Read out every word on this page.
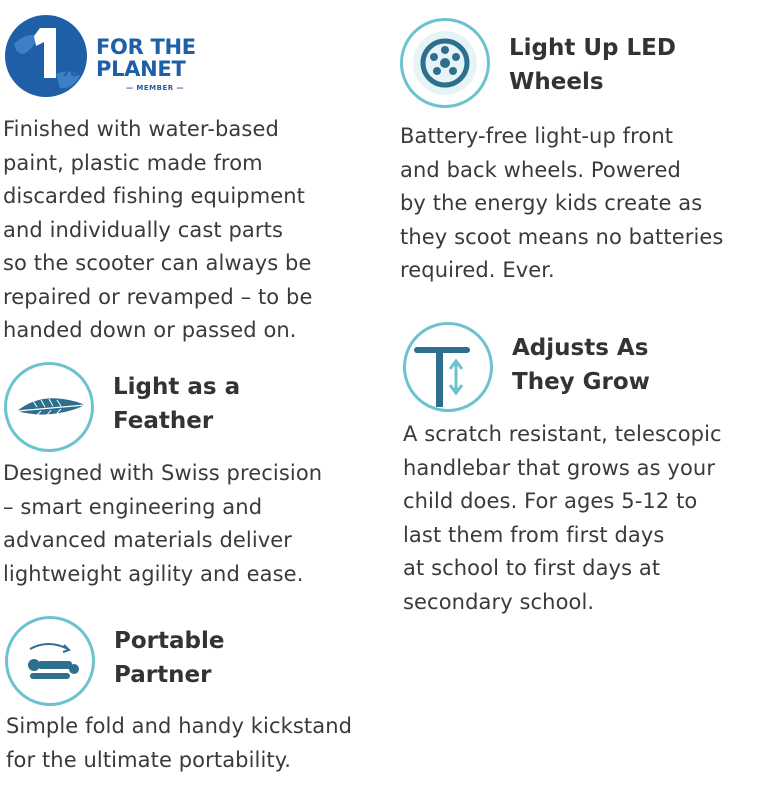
%
FOR THE
PLANET
— MEMBER —
Finished with water-based
paint, plastic made from
discarded fishing equipment
and individually cast parts
so the scooter can always be
repaired or revamped – to be
handed down or passed on.
Light as a
Feather
Designed with Swiss precision
– smart engineering and
advanced materials deliver
lightweight agility and ease.
Portable
Partner
Simple fold and handy kickstand
for the ultimate portability.
Light Up LED
Wheels
Battery-free light-up front
and back wheels. Powered
by the energy kids create as
they scoot means no batteries
required. Ever.
Adjusts As
They Grow
A scratch resistant, telescopic
handlebar that grows as your
child does. For ages 5-12 to
last them from first days
at school to first days at
secondary school.
